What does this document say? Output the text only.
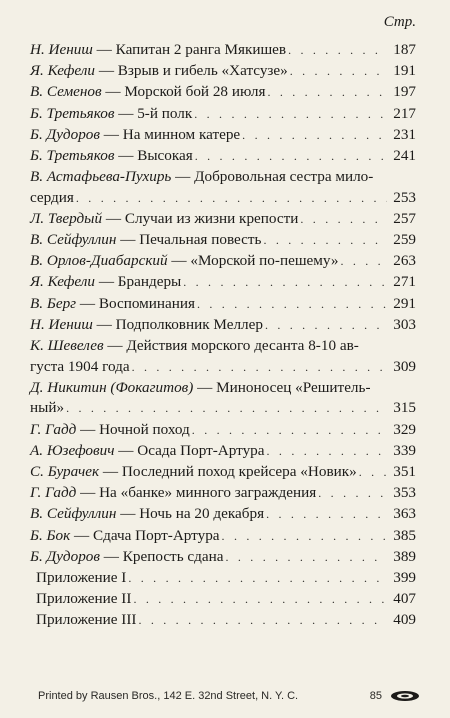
Стр.
Н. Иениш — Капитан 2 ранга Мякишев . . .	187
Я. Кефели — Взрыв и гибель «Хатсузе» . . .	191
В. Семенов — Морской бой 28 июля . . .	197
Б. Третьяков — 5-й полк . . .	217
Б. Дудоров — На минном катере . . .	231
Б. Третьяков — Высокая . . .	241
В. Астафьева-Пухирь — Добровольная сестра мило-
сердия . . .	253
Л. Твердый — Случаи из жизни крепости . . .	257
В. Сейфуллин — Печальная повесть . . .	259
В. Орлов-Диабарский — «Морской по-пешему» . . .	263
Я. Кефели — Брандеры . . .	271
В. Берг — Воспоминания . . .	291
Н. Иениш — Подполковник Меллер . . .	303
К. Шевелев — Действия морского десанта 8-10 ав-
густа 1904 года . . .	309
Д. Никитин (Фокагитов) — Миноносец «Решитель-
ный» . . .	315
Г. Гадд — Ночной поход . . .	329
А. Юзефович — Осада Порт-Артура . . .	339
С. Бурачек — Последний поход крейсера «Новик» . . . 351
Г. Гадд — На «банке» минного заграждения . . .	353
В. Сейфуллин — Ночь на 20 декабря . . .	363
Б. Бок — Сдача Порт-Артура . . .	385
Б. Дудоров — Крепость сдана . . .	389
Приложение I . . .	399
Приложение II . . .	407
Приложение III . . .	409
Printed by Rausen Bros., 142 E. 32nd Street, N. Y. C.	85
